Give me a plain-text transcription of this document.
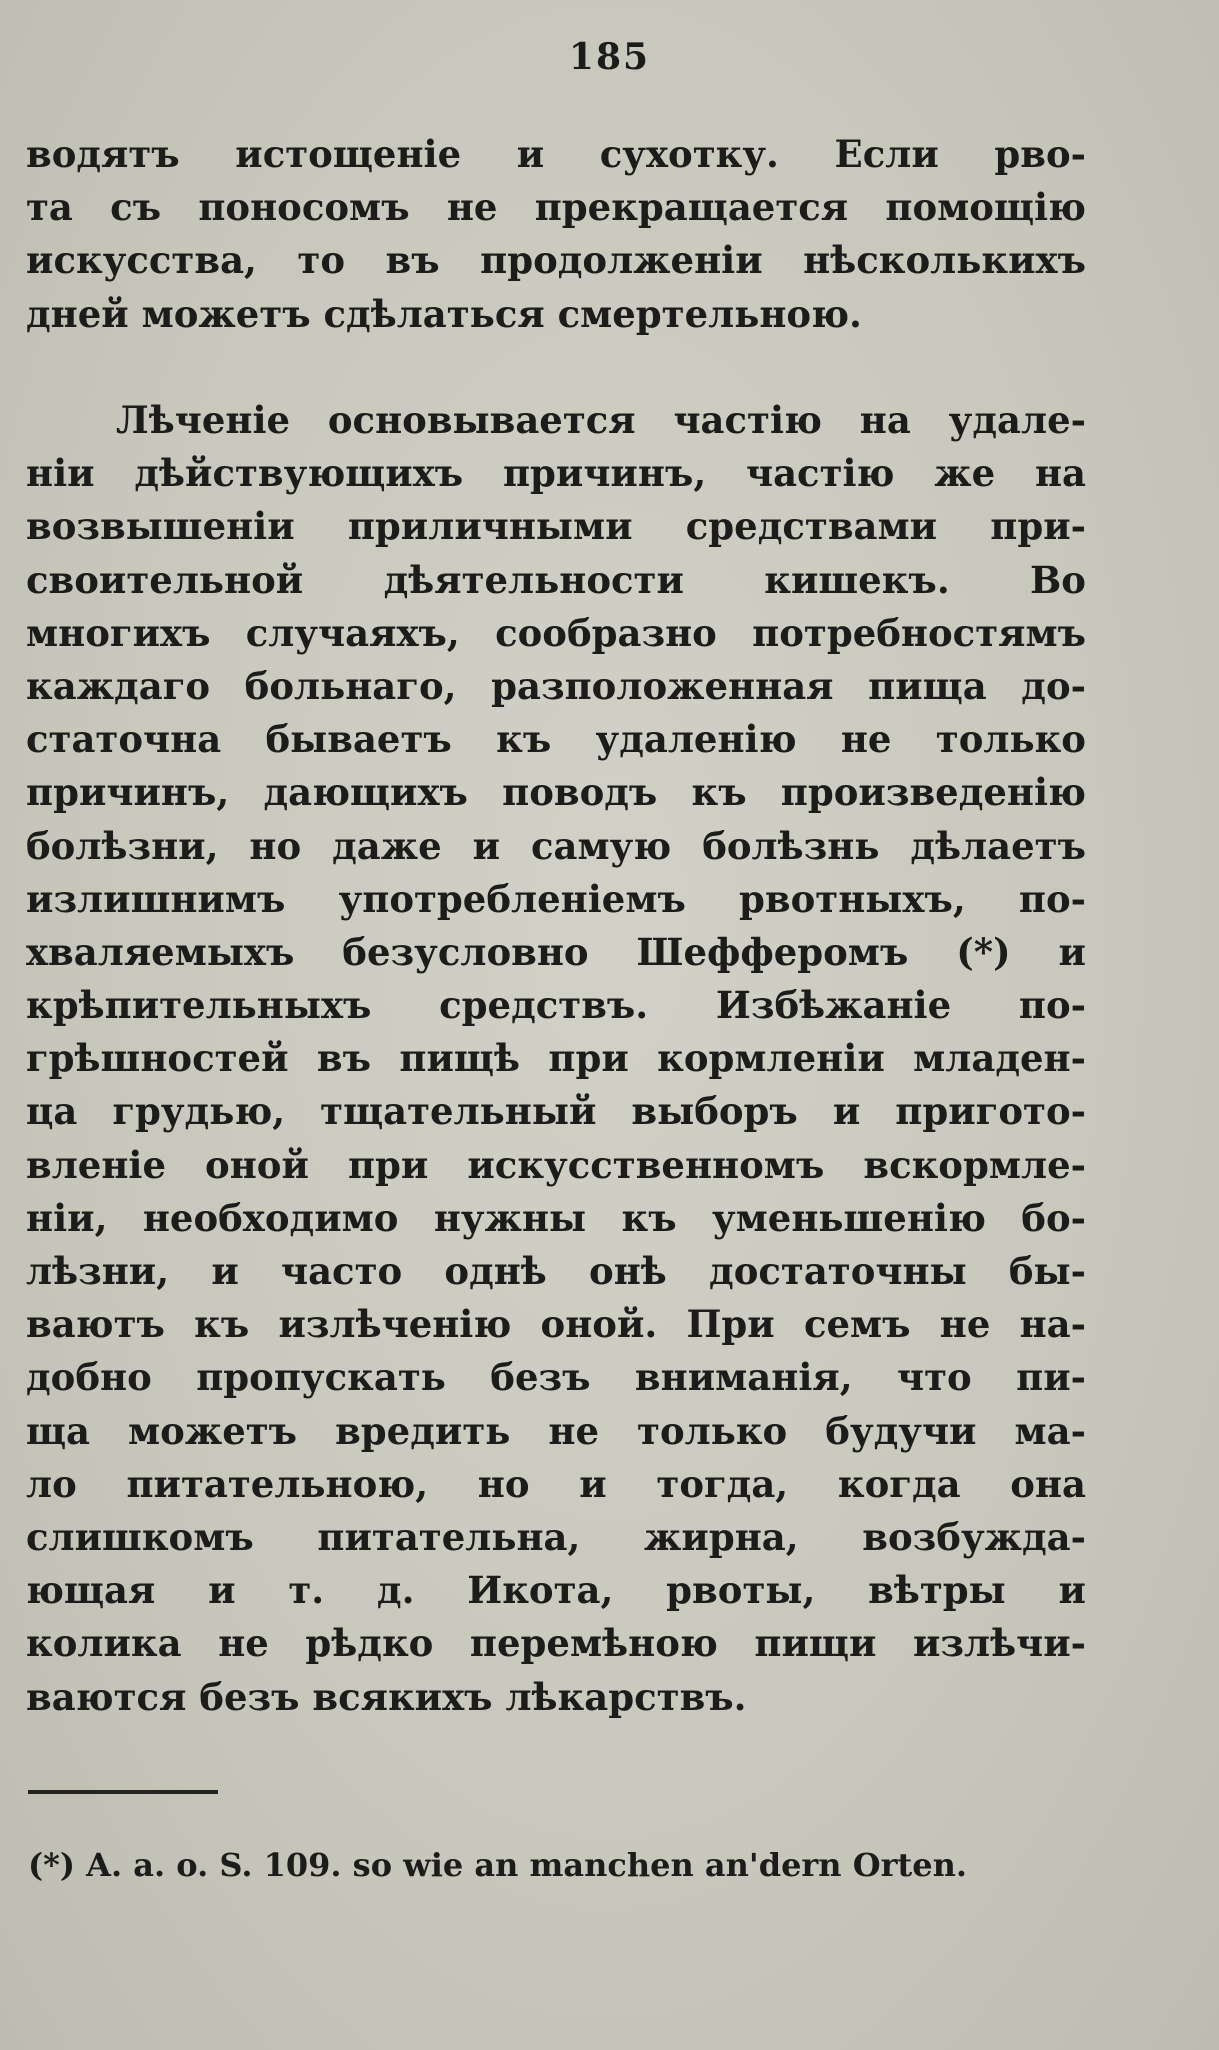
185
водятъ истощеніе и сухотку. Если рво-
та съ поносомъ не прекращается помощію
искусства, то въ продолженіи нѣсколькихъ
дней можетъ сдѣлаться смертельною.
Лѣченіе основывается частію на удале-
ніи дѣйствующихъ причинъ, частію же на
возвышеніи приличными средствами при-
своительной дѣятельности кишекъ. Во
многихъ случаяхъ, сообразно потребностямъ
каждаго больнаго, разположенная пища до-
статочна бываетъ къ удаленію не только
причинъ, дающихъ поводъ къ произведенію
болѣзни, но даже и самую болѣзнь дѣлаетъ
излишнимъ употребленіемъ рвотныхъ, по-
хваляемыхъ безусловно Шефферомъ (*) и
крѣпительныхъ средствъ. Избѣжаніе по-
грѣшностей въ пищѣ при кормленіи младен-
ца грудью, тщательный выборъ и пригото-
вленіе оной при искусственномъ вскормле-
ніи, необходимо нужны къ уменьшенію бо-
лѣзни, и часто однѣ онѣ достаточны бы-
ваютъ къ излѣченію оной. При семъ не на-
добно пропускать безъ вниманія, что пи-
ща можетъ вредить не только будучи ма-
ло питательною, но и тогда, когда она
слишкомъ питательна, жирна, возбужда-
ющая и т. д. Икота, рвоты, вѣтры и
колика не рѣдко перемѣною пищи излѣчи-
ваются безъ всякихъ лѣкарствъ.
(*) A. a. o. S. 109. so wie an manchen an'dern Orten.
